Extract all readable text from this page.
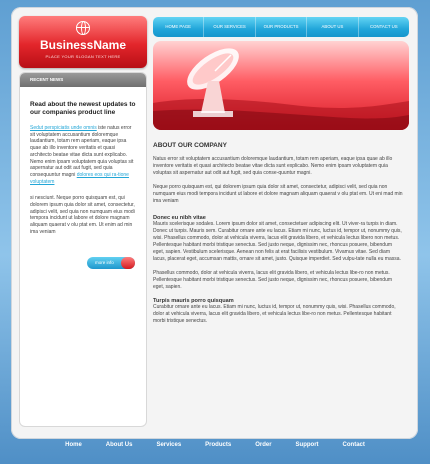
BusinessName
PLACE YOUR SLOGAN TEXT HERE
RECENT NEWS
Read about the newest updates to our companies product line
Sedut perspiciatis unde omnis iste natus error sit voluptatem accusantium doloremque laudantium, totam rem aperiam, eaque ipsa quae ab illo inventore veritatis et quasi architecto beatae vitae dicta sunt explicabo. Nemo enim ipsam voluptatem quia voluptas sit aspernatur aut odit aut fugit, sed quia consequuntur magni dolores eos qui ra-tione voluptatem
si nesciunt. Neque porro quisquam est, qui dolorem ipsum quia dolor sit amet, consectetur, adipisci velit, sed quia non numquam eius modi tempora incidunt ut labore et dolore magnam aliquam quaerat v olu ptat em. Ut enim ad min ima veniam
more info
HOME PAGE	OUR SERVICES	OUR PRODUCTS	ABOUT US	CONTACT US
ABOUT OUR COMPANY
Natus error sit voluptatem accusantium doloremque laudantium, totam rem aperiam, eaque ipsa quae ab illo inventore veritatis et quasi architecto beatae vitae dicta sunt explicabo. Nemo enim ipsam voluptatem quia voluptas sit aspernatur aut odit aut fugit, sed quia conse-quuntur magni.
Neque porro quisquam est, qui dolorem ipsum quia dolor sit amet, consectetur, adipisci velit, sed quia non numquam eius modi tempora incidunt ut labore et dolore magnam aliquam quaerat v olu ptat em. Ut eni mad min ima veniam
Donec eu nibh vitae
Mauris scelerisque sodales. Lorem ipsum dolor sit amet, consectetuer adipiscing elit. Ut viver-ra turpis in diam. Donec ut turpis. Mauris sem. Curabitur ornare ante eu lacus. Etiam mi nunc, luctus id, tempor ut, nonummy quis, wisi. Phasellus commodo, dolor at vehicula viverra, lacus elit gravida libero, et vehicula lectus libero non metus. Pellentesque habitant morbi tristique senectus. Sed justo neque, dignissim nec, rhoncus posuere, bibendum eget, sapien. Vestibulum scelerisque. Aenean non felis at erat facilisis vestibulum. Vivamus vitae. Sed diam lacus, placerat eget, accumsan mattis, ornare sit amet, justo. Quisque imperdiet. Sed vulpu-tate nulla eu massa.
Phasellus commodo, dolor at vehicula viverra, lacus elit gravida libero, et vehicula lectus libe-ro non metus. Pellentesque habitant morbi tristique senectus. Sed justo neque, dignissim nec, rhoncus posuere, bibendum eget, sapien.
Turpis mauris porro quisquam
Curabitur ornare ante eu lacus. Etiam mi nunc, luctus id, tempor ut, nonummy quis, wisi. Phasellus commodo, dolor at vehicula viverra, lacus elit gravida libero, et vehicula lectus libe-ro non metus. Pellentesque habitant morbi tristique senectus.
Home	About Us	Services	Products	Order	Support	Contact
